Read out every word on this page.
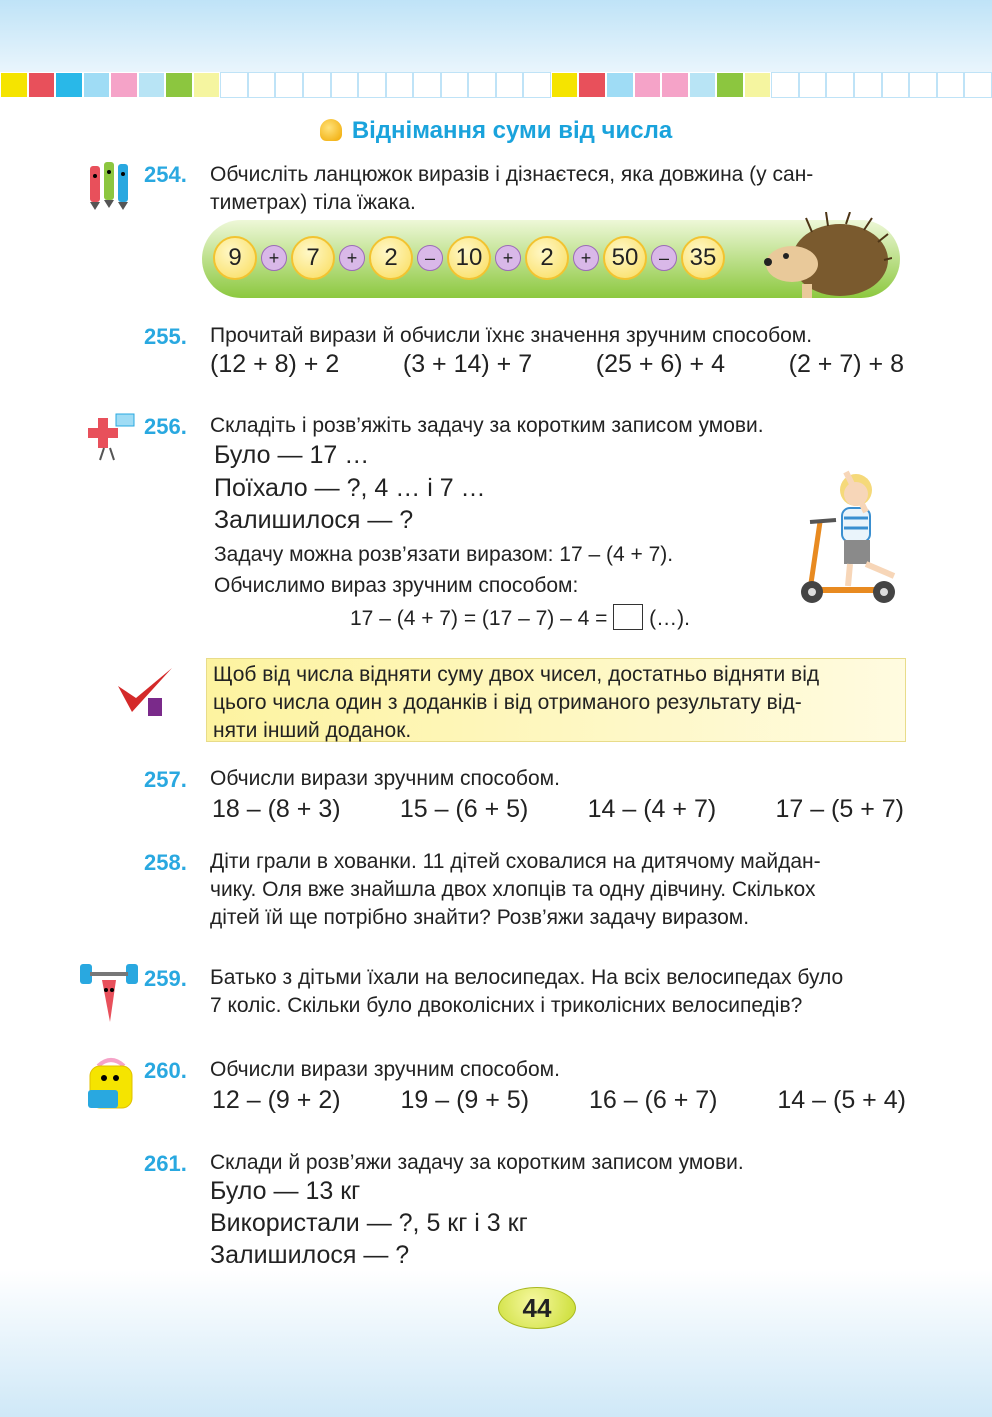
Віднімання суми від числа
254. Обчисліть ланцюжок виразів і дізнаєтеся, яка довжина (у сан-
тиметрах) тіла їжака.
9	+	7	+	2	– 10	+	2	+ 50	– 35
255. Прочитай вирази й обчисли їхнє значення зручним способом.
(12 + 8) + 2	(3 + 14) + 7	(25 + 6) + 4	(2 + 7) + 8
256. Складіть і розв’яжіть задачу за коротким записом умови.
Було — 17 …
Поїхало — ?, 4 … і 7 …
Залишилося — ?
Задачу можна розв’язати виразом: 17 – (4 + 7).
Обчислимо вираз зручним способом:
17 – (4 + 7) = (17 – 7) – 4 = (…).
Щоб від числа відняти суму двох чисел, достатньо відняти від
цього числа один з доданків і від отриманого результату від-
няти інший доданок.
257. Обчисли вирази зручним способом.
18 – (8 + 3) 15 – (6 + 5) 14 – (4 + 7) 17 – (5 + 7)
258. Діти грали в хованки. 11 дітей сховалися на дитячому майдан-
чику. Оля вже знайшла двох хлопців та одну дівчину. Скількох
дітей їй ще потрібно знайти? Розв’яжи задачу виразом.
259. Батько з дітьми їхали на велосипедах. На всіх велосипедах було
7 коліс. Скільки було двоколісних і триколісних велосипедів?
260. Обчисли вирази зручним способом.
12 – (9 + 2) 19 – (9 + 5) 16 – (6 + 7) 14 – (5 + 4)
261. Склади й розв’яжи задачу за коротким записом умови.
Було — 13 кг
Використали — ?, 5 кг і 3 кг
Залишилося — ?
44
